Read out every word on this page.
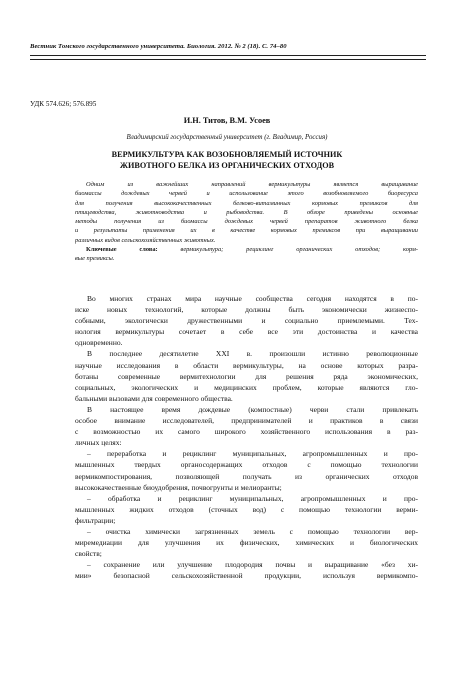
Вестник Томского государственного университета. Биология. 2012. № 2 (18). С. 74–80
УДК 574.626; 576.895
И.Н. Титов, В.М. Усоев
Владимирский государственный университет (г. Владимир, Россия)
ВЕРМИКУЛЬТУРА КАК ВОЗОБНОВЛЯЕМЫЙ ИСТОЧНИК
ЖИВОТНОГО БЕЛКА ИЗ ОРГАНИЧЕСКИХ ОТХОДОВ
Одним из важнейших направлений вермикультуры является выращивание
биомассы дождевых червей и использование этого возобновляемого биоресурса
для получения высококачественных белково-витаминных кормовых премиксов для
птицеводства, животноводства и рыбоводства. В обзоре приведены основные
методы получения из биомассы дождевых червей препаратов животного белка
и результаты применения их в качестве кормовых премиксов при выращивании
различных видов сельскохозяйственных животных.
Ключевые слова:	вермикультура; рециклинг органических отходов; корм-
вые премиксы.
Во многих странах мира научные сообщества сегодня находятся в по-
иске новых технологий, которые должны быть экономически жизнеспо-
собными, экологически дружественными и социально приемлемыми. Тех-
нология вермикультуры сочетает в себе все эти достоинства и качества
одновременно.
В последнее десятилетие XXI в. произошли истинно революционные
научные исследования в области вермикультуры, на основе которых разра-
ботаны современные вермитехнологии для решения ряда экономических,
социальных, экологических и медицинских проблем, которые являются гло-
бальными вызовами для современного общества.
В настоящее время дождевые (компостные) черви стали привлекать
особое внимание исследователей, предпринимателей и практиков в связи
с возможностью их самого широкого хозяйственного использования в раз-
личных целях:
– переработка и рециклинг муниципальных, агропромышленных и про-
мышленных твердых органосодержащих отходов с помощью технологии
вермикомпостирования, позволяющей получать из органических отходов
высококачественные биоудобрения, почвогрунты и мелиоранты;
– обработка и рециклинг муниципальных, агропромышленных и про-
мышленных жидких отходов (сточных вод) с помощью технологии верми-
фильтрации;
– очистка химически загрязненных земель с помощью технологии вер-
миремедиации для улучшения их физических, химических и биологических
свойств;
– сохранение или улучшение плодородия почвы и выращивание «без хи-
мии» безопасной сельскохозяйственной продукции, используя вермикомпо-
